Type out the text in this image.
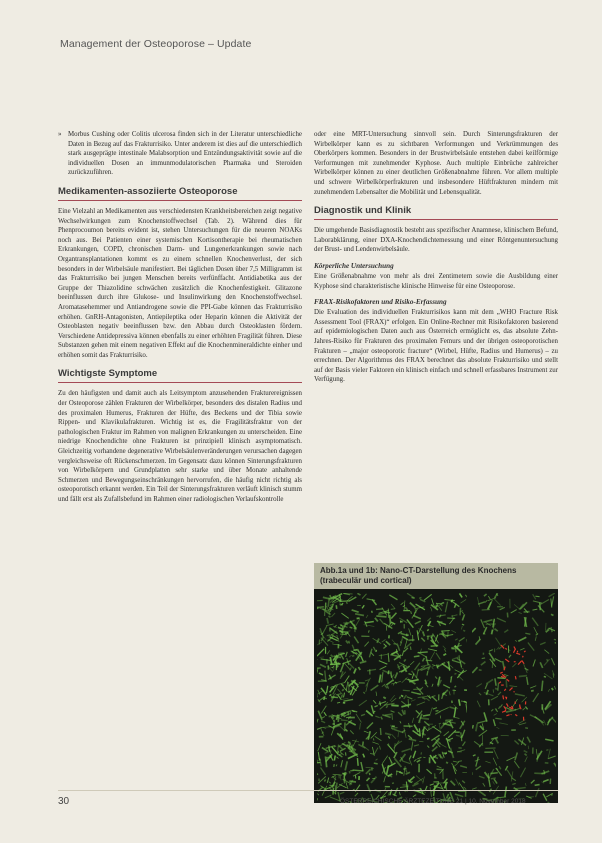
Management der Osteoporose – Update

» Morbus Cushing oder Colitis ulcerosa finden sich in der Literatur unterschiedliche Daten in Bezug auf das Frakturrisiko. Unter anderem ist dies auf die unterschiedlich stark ausgeprägte intestinale Malabsorption und Entzündungsaktivität sowie auf die individuellen Dosen an immunmodulatorischen Pharmaka und Steroiden zurückzuführen.

Medikamenten-assoziierte Osteoporose

Eine Vielzahl an Medikamenten aus verschiedensten Krankheitsbereichen zeigt negative Wechselwirkungen zum Knochenstoffwechsel (Tab. 2). Während dies für Phenprocoumon bereits evident ist, stehen Untersuchungen für die neueren NOAKs noch aus. Bei Patienten einer systemischen Kortisontherapie bei rheumatischen Erkrankungen, COPD, chronischen Darm- und Lungenerkrankungen sowie nach Organtransplantationen kommt es zu einem schnellen Knochenverlust, der sich besonders in der Wirbelsäule manifestiert. Bei täglichen Dosen über 7,5 Milligramm ist das Frakturrisiko bei jungen Menschen bereits verfünffacht. Antidiabetika aus der Gruppe der Thiazolidine schwächen zusätzlich die Knochenfestigkeit. Glitazone beeinflussen durch ihre Glukose- und Insulinwirkung den Knochenstoffwechsel. Aromatasehemmer und Antiandrogene sowie die PPI-Gabe können das Frakturrisiko erhöhen. GnRH-Antagonisten, Antiepileptika oder Heparin können die Aktivität der Osteoblasten negativ beeinflussen bzw. den Abbau durch Osteoklasten fördern. Verschiedene Antidepressiva können ebenfalls zu einer erhöhten Fragilität führen. Diese Substanzen gehen mit einem negativen Effekt auf die Knochenmineraldichte einher und erhöhen somit das Frakturrisiko.

Wichtigste Symptome

Zu den häufigsten und damit auch als Leitsymptom anzusehenden Frakturereignissen der Osteoporose zählen Frakturen der Wirbelkörper, besonders des distalen Radius und des proximalen Humerus, Frakturen der Hüfte, des Beckens und der Tibia sowie Rippen- und Klavikulafrakturen. Wichtig ist es, die Fragilitätsfraktur von der pathologischen Fraktur im Rahmen von malignen Erkrankungen zu unterscheiden. Eine niedrige Knochendichte ohne Frakturen ist prinzipiell klinisch asymptomatisch. Gleichzeitig vorhandene degenerative Wirbelsäulenveränderungen verursachen dagegen vergleichsweise oft Rückenschmerzen. Im Gegensatz dazu können Sinterungsfrakturen von Wirbelkörpern und Grundplatten sehr starke und über Monate anhaltende Schmerzen und Bewegungseinschränkungen hervorrufen, die häufig nicht richtig als osteoporotisch erkannt werden. Ein Teil der Sinterungsfrakturen verläuft klinisch stumm und fällt erst als Zufallsbefund im Rahmen einer radiologischen Verlaufskontrolle

oder eine MRT-Untersuchung sinnvoll sein. Durch Sinterungsfrakturen der Wirbelkörper kann es zu sichtbaren Verformungen und Verkrümmungen des Oberkörpers kommen. Besonders in der Brustwirbelsäule entstehen dabei keilförmige Verformungen mit zunehmender Kyphose. Auch multiple Einbrüche zahlreicher Wirbelkörper können zu einer deutlichen Größenabnahme führen. Vor allem multiple und schwere Wirbelkörperfrakturen und insbesondere Hüftfrakturen mindern mit zunehmendem Lebensalter die Mobilität und Lebensqualität.

Diagnostik und Klinik

Die umgehende Basisdiagnostik besteht aus spezifischer Anamnese, klinischem Befund, Laborabklärung, einer DXA-Knochendichtemessung und einer Röntgenuntersuchung der Brust- und Lendenwirbelsäule.

Körperliche Untersuchung

Eine Größenabnahme von mehr als drei Zentimetern sowie die Ausbildung einer Kyphose sind charakteristische klinische Hinweise für eine Osteoporose.

FRAX-Risikofaktoren und Risiko-Erfassung

Die Evaluation des individuellen Frakturrisikos kann mit dem „WHO Fracture Risk Assessment Tool (FRAX)“ erfolgen. Ein Online-Rechner mit Risikofaktoren basierend auf epidemiologischen Daten auch aus Österreich ermöglicht es, das absolute Zehn-Jahres-Risiko für Frakturen des proximalen Femurs und der übrigen osteoporotischen Frakturen – „major osteoporotic fracture“ (Wirbel, Hüfte, Radius und Humerus) – zu errechnen. Der Algorithmus des FRAX berechnet das absolute Frakturrisiko und stellt auf der Basis vieler Faktoren ein klinisch einfach und schnell erfassbares Instrument zur Verfügung.

Abb.1a und 1b: Nano-CT-Darstellung des Knochens (trabeculär und cortical)
30	ÖSTERREICHISCHE ÄRZTEZEITUNG 21 | 10. November 2018
